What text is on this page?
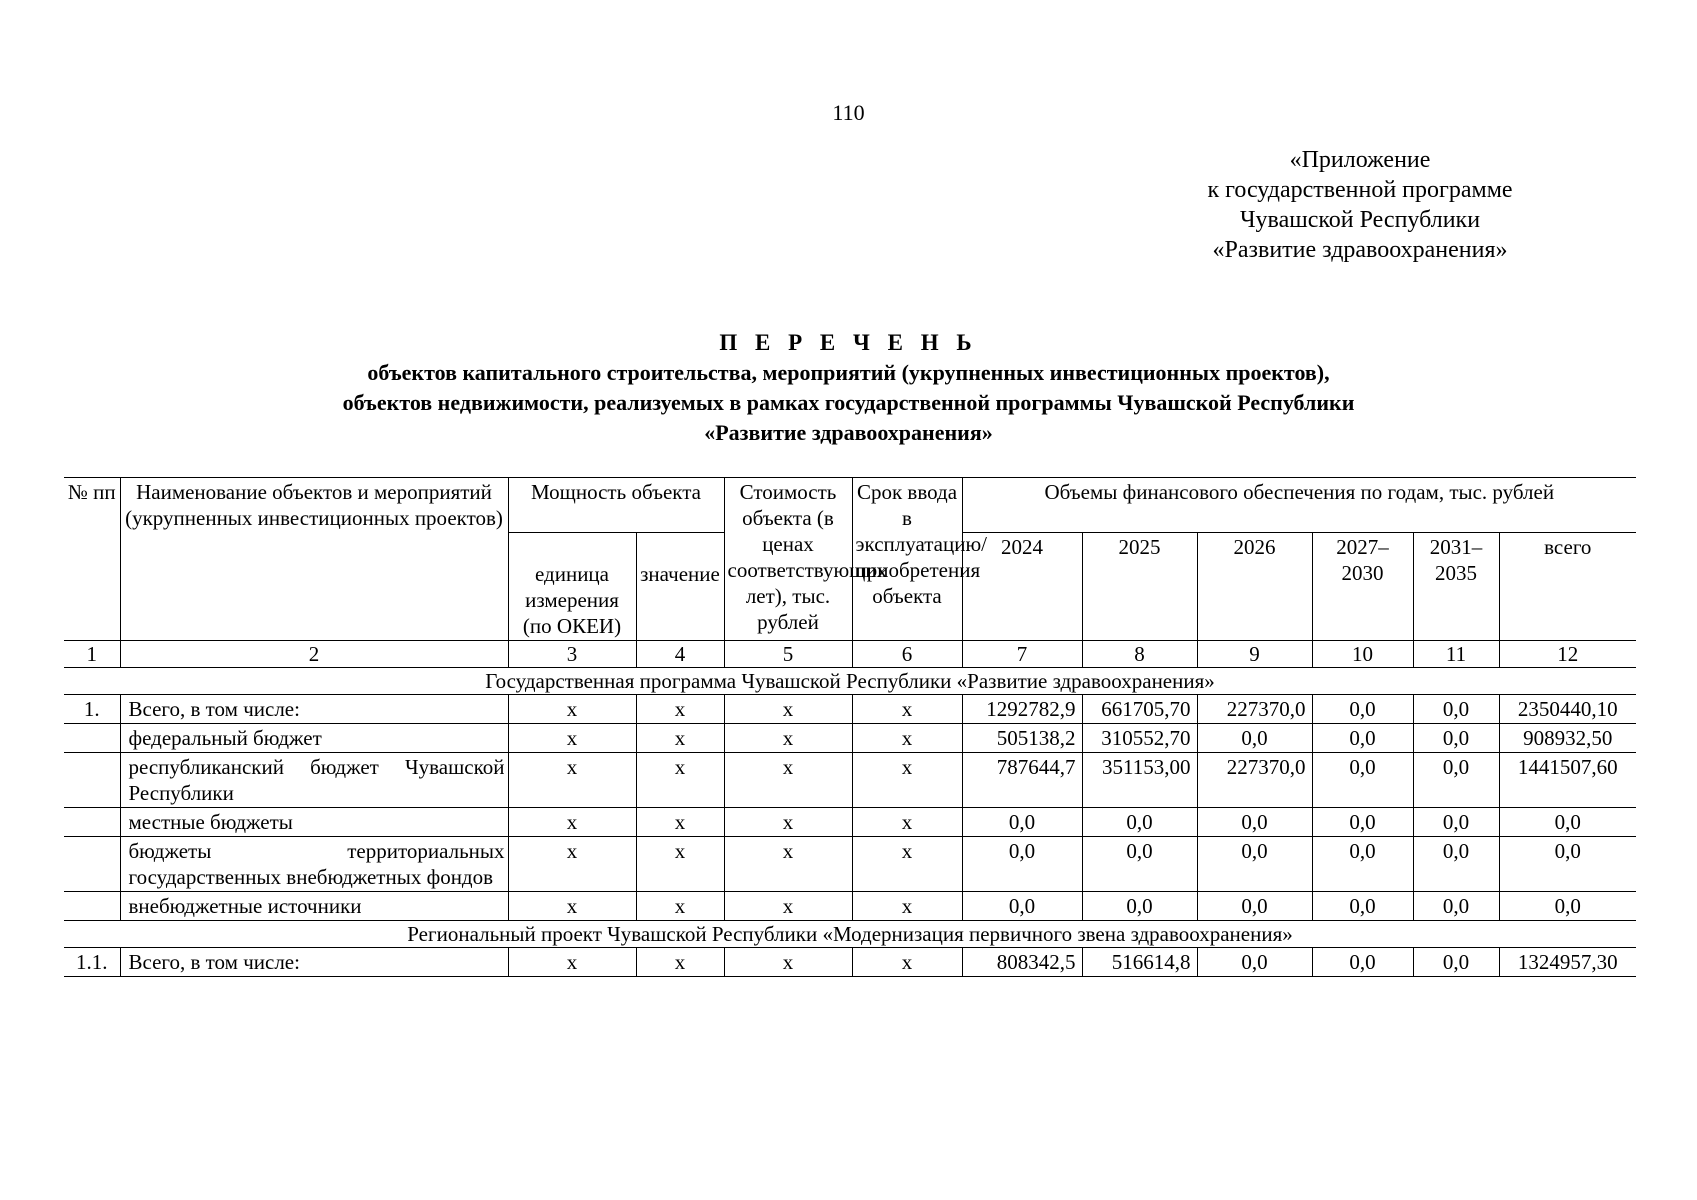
110
«Приложение
к государственной программе
Чувашской Республики
«Развитие здравоохранения»
П Е Р Е Ч Е Н Ь
объектов капитального строительства, мероприятий (укрупненных инвестиционных проектов),
объектов недвижимости, реализуемых в рамках государственной программы Чувашской Республики
«Развитие здравоохранения»
№ пп	Наименование объектов и мероприятий (укрупненных инвестиционных проектов)	Мощность объекта		Стоимость объекта (в ценах соответствующих лет), тыс. рублей	Срок ввода в эксплуатацию/ приобретения объекта	Объемы финансового обеспечения по годам, тыс. рублей					
		единица измерения (по ОКЕИ)	значение			2024	2025	2026	2027–2030	2031–2035	всего

1	2	3	4	5	6	7	8	9	10	11	12
Государственная программа Чувашской Республики «Развитие здравоохранения»											
1.	Всего, в том числе:	х	х	х	х	1292782,9	661705,70	227370,0	0,0	0,0	2350440,10
	федеральный бюджет	х	х	х	х	505138,2	310552,70	0,0	0,0	0,0	908932,50
	республиканский бюджет Чувашской Республики	х	х	х	х	787644,7	351153,00	227370,0	0,0	0,0	1441507,60
	местные бюджеты	х	х	х	х	0,0	0,0	0,0	0,0	0,0	0,0
	бюджеты территориальных государственных внебюджетных фондов	х	х	х	х	0,0	0,0	0,0	0,0	0,0	0,0
	внебюджетные источники	х	х	х	х	0,0	0,0	0,0	0,0	0,0	0,0
Региональный проект Чувашской Республики «Модернизация первичного звена здравоохранения»											
1.1.	Всего, в том числе:	х	х	х	х	808342,5	516614,8	0,0	0,0	0,0	1324957,30
